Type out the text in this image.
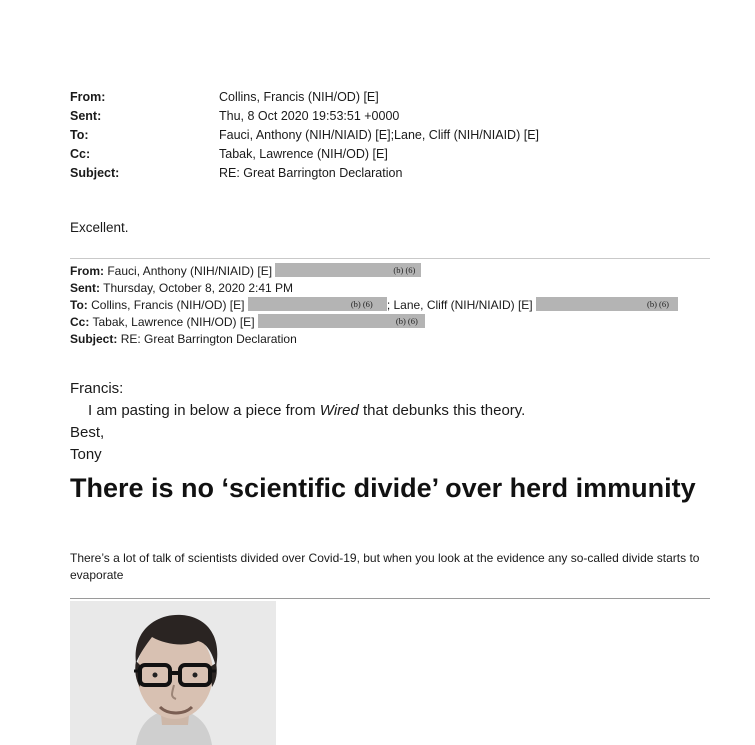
From:	Collins, Francis (NIH/OD) [E]
Sent:	Thu, 8 Oct 2020 19:53:51 +0000
To:	Fauci, Anthony (NIH/NIAID) [E];Lane, Cliff (NIH/NIAID) [E]
Cc:	Tabak, Lawrence (NIH/OD) [E]
Subject:	RE: Great Barrington Declaration
Excellent.
From: Fauci, Anthony (NIH/NIAID) [E]	(b) (6)
Sent: Thursday, October 8, 2020 2:41 PM
To: Collins, Francis (NIH/OD) [E]	(b) (6) ; Lane, Cliff (NIH/NIAID) [E]	(b) (6)
Cc: Tabak, Lawrence (NIH/OD) [E]	(b) (6)
Subject: RE: Great Barrington Declaration
Francis:
I am pasting in below a piece from Wired that debunks this theory.
Best,
Tony
There is no ‘scientific divide’ over herd immunity
There’s a lot of talk of scientists divided over Covid-19, but when you look at the evidence any so-called divide starts to evaporate
